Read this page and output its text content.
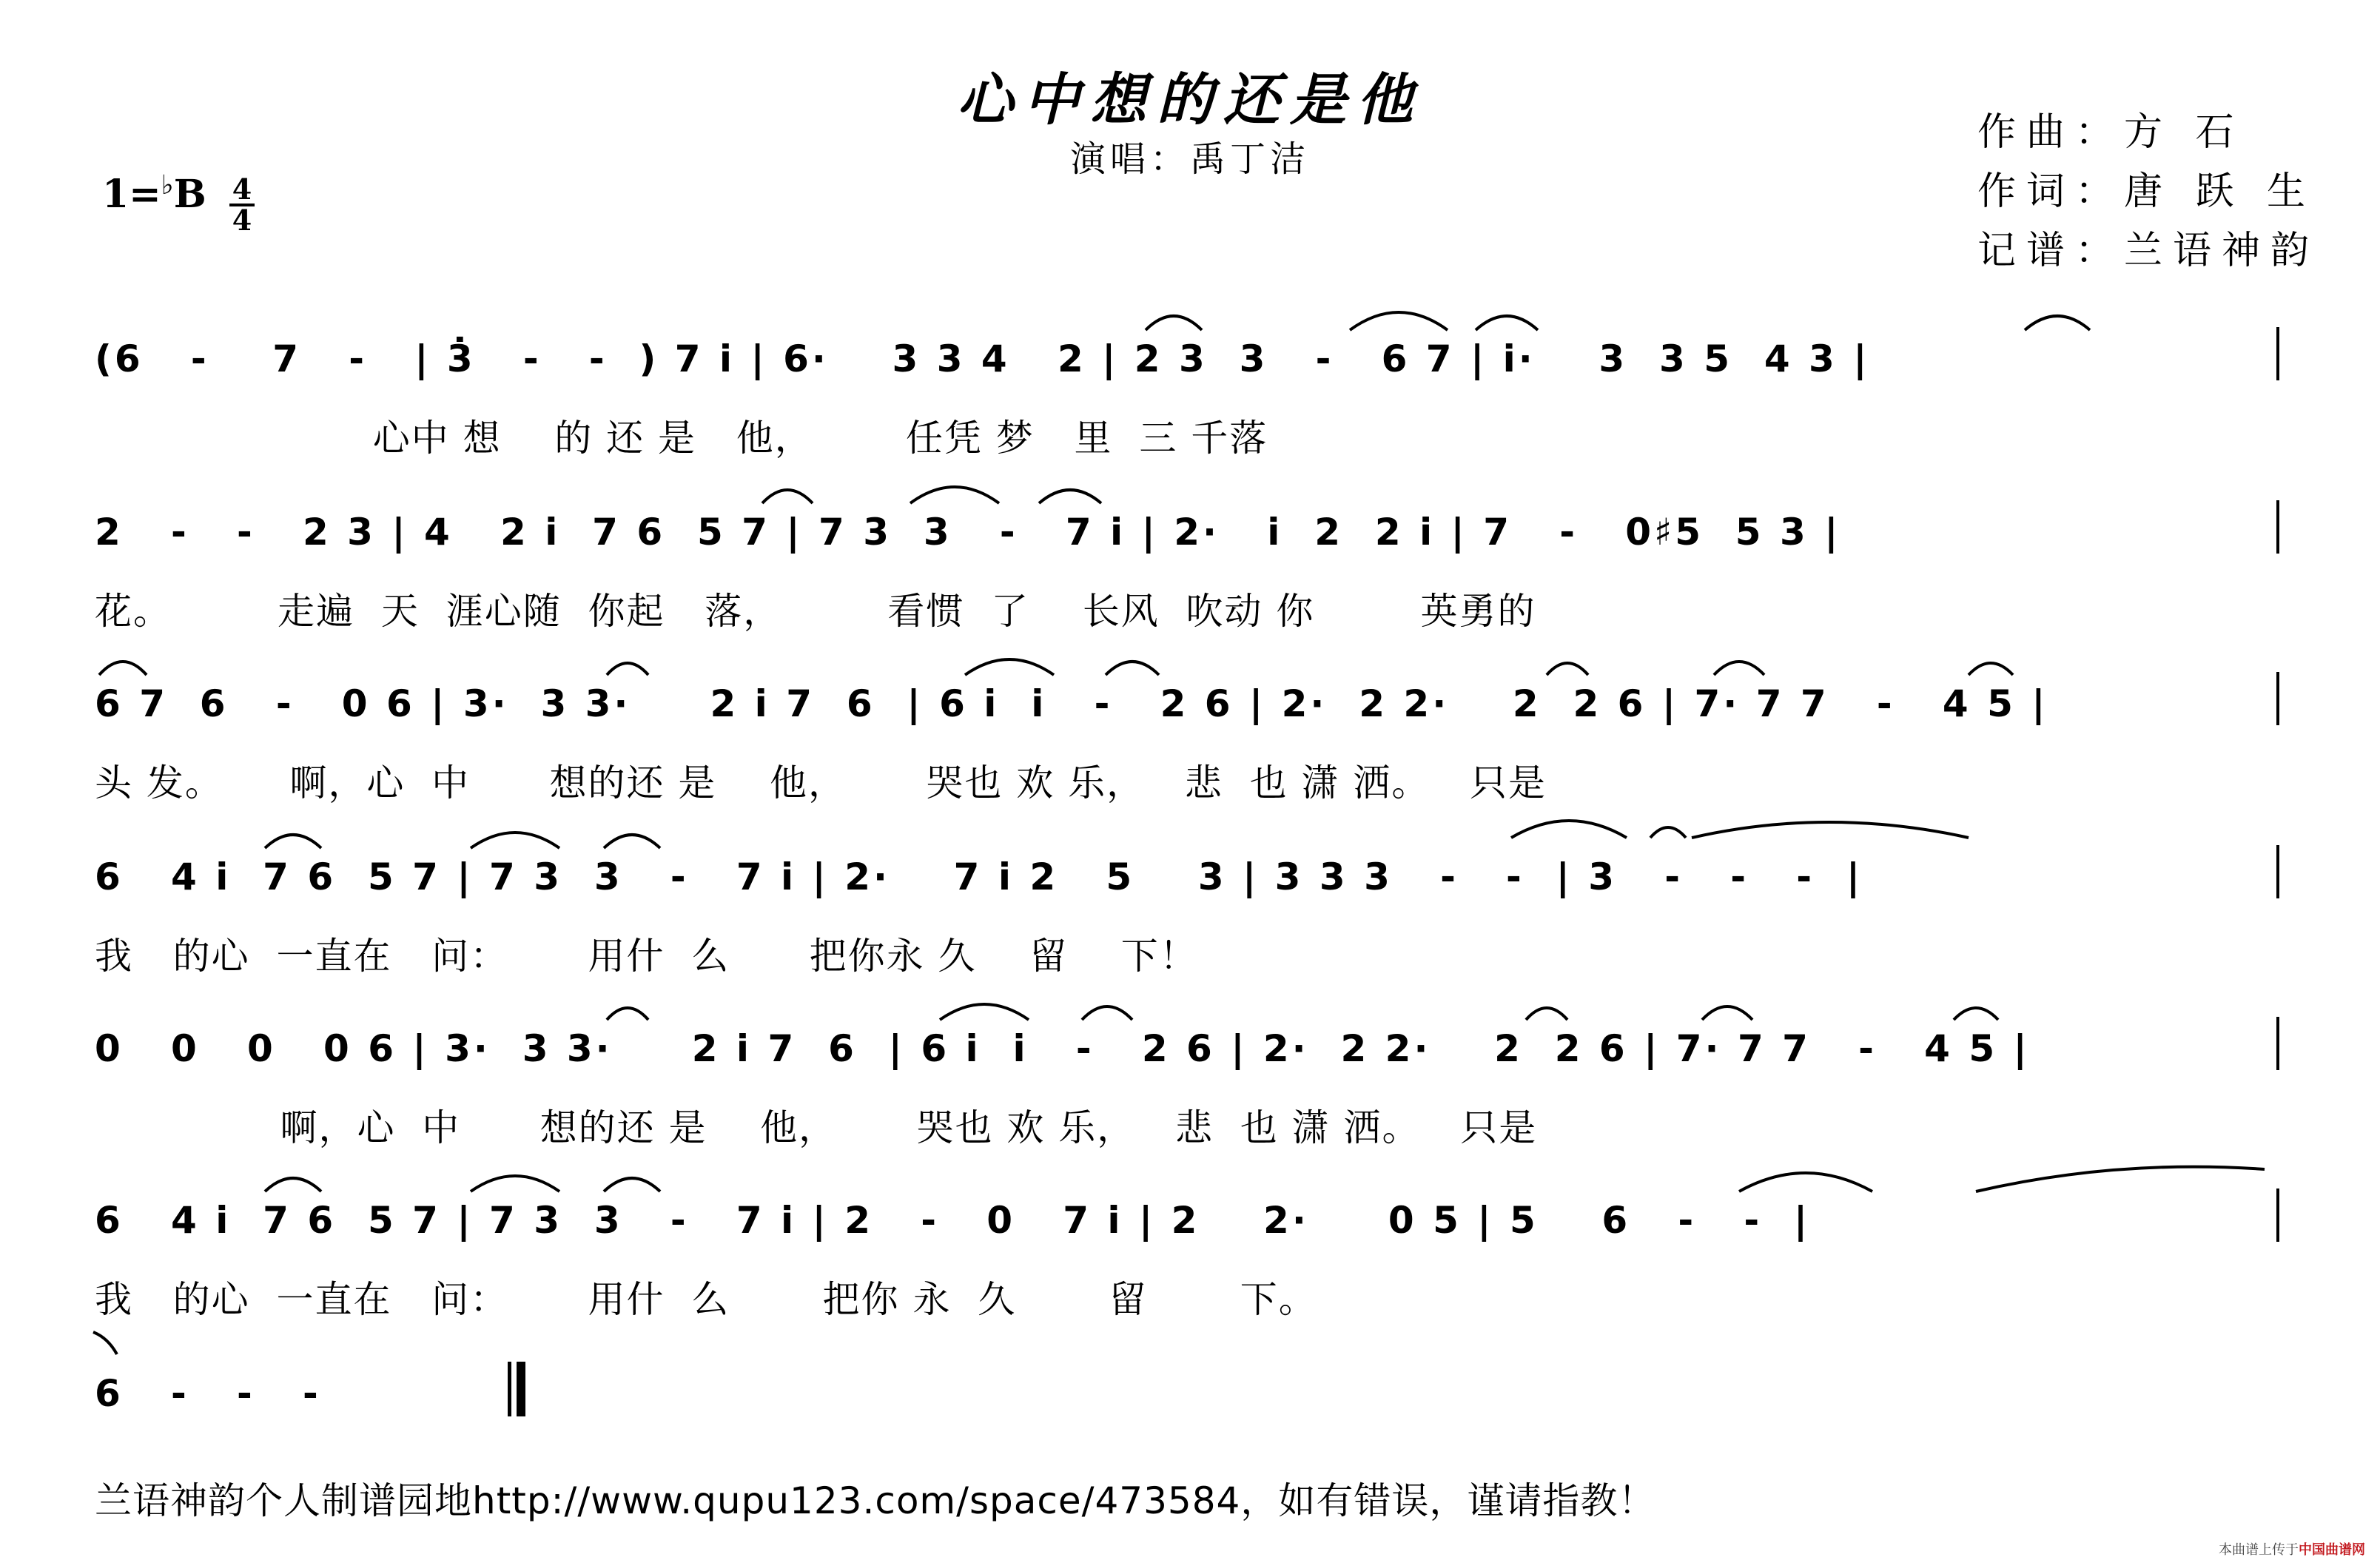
心中想的还是他
演唱：禹丁洁
作曲：方 石
作词：唐 跃 生
记谱：兰语神韵
1=♭B 4
4
(6   -    7   -   | 3̇   -   -  ) 7 i | 6·    3 3 4   2 | 2 3  3   -   6 7 | i·    3  3 5  4 3 |
心中 想    的 还 是   他，       任凭 梦   里  三 千落
2   -   -   2 3 | 4   2 i  7 6  5 7 | 7 3  3   -   7 i | 2·   i  2  2 i | 7   -   0♯5  5 3 |
花。        走遍  天  涯心随  你起   落，        看惯  了    长风  吹动 你        英勇的
6 7  6   -   0 6 | 3·  3 3·     2 i 7  6  | 6 i  i   -   2 6 | 2·  2 2·    2  2 6 | 7· 7 7   -   4 5 |
头 发。     啊，心  中      想的还 是    他，      哭也 欢 乐，   悲  也 潇 洒。   只是
6   4 i  7 6  5 7 | 7 3  3   -   7 i | 2·    7 i 2   5    3 | 3 3 3   -   -  | 3   -   -   -  |
我   的心  一直在   问：      用什  么      把你永 久    留    下！
0   0   0   0 6 | 3·  3 3·     2 i 7  6  | 6 i  i   -   2 6 | 2·  2 2·    2  2 6 | 7· 7 7   -   4 5 |
啊，心  中      想的还 是    他，      哭也 欢 乐，   悲  也 潇 洒。   只是
6   4 i  7 6  5 7 | 7 3  3   -   7 i | 2   -   0   7 i | 2    2·     0 5 | 5    6   -   -  |
我   的心  一直在   问：      用什  么       把你 永  久       留       下。
6   -   -   -
兰语神韵个人制谱园地http://www.qupu123.com/space/473584，如有错误，谨请指教！
本曲谱上传于中国曲谱网
